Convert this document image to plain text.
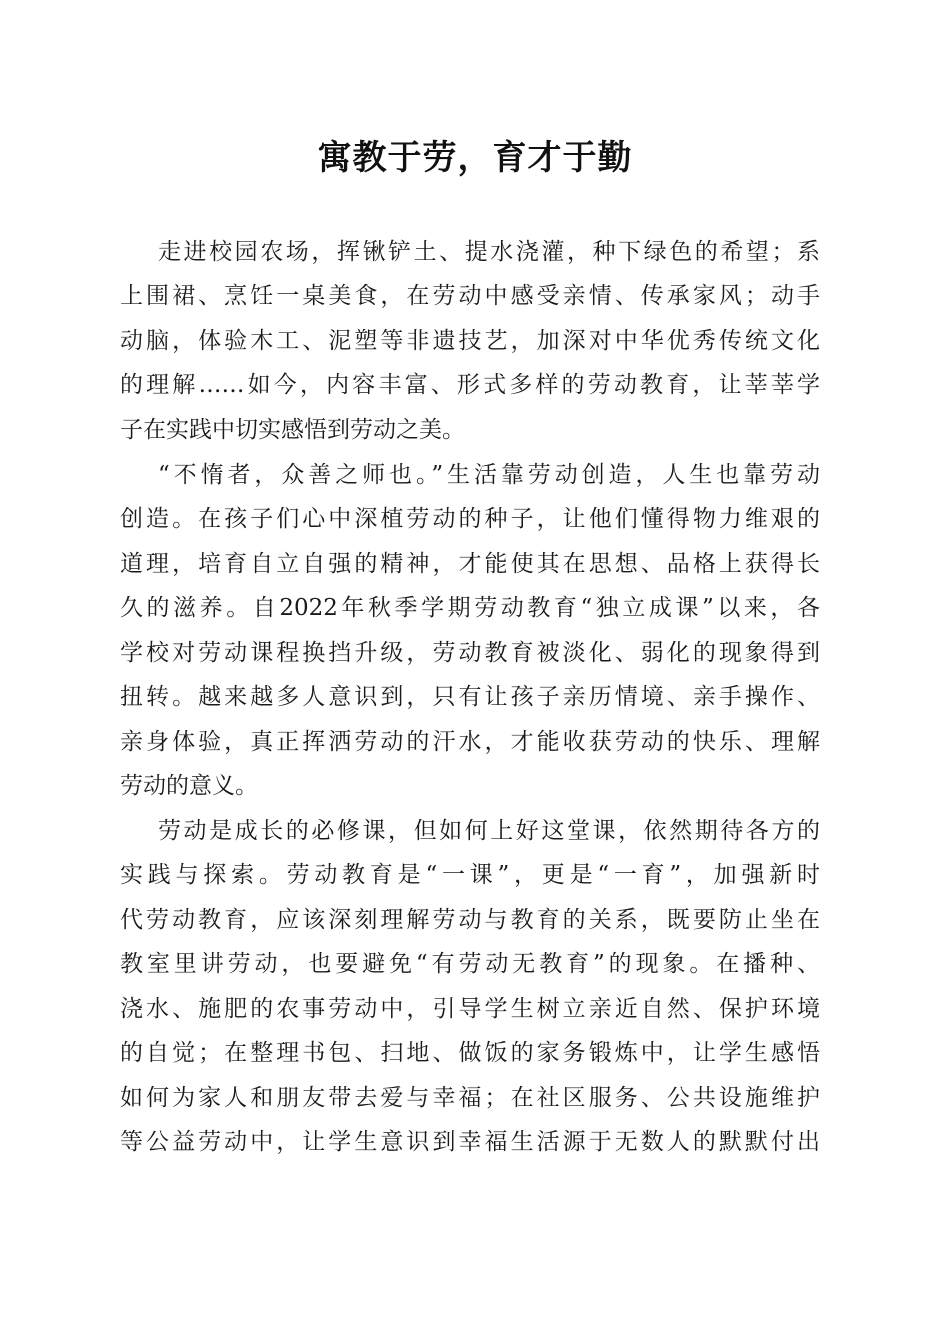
寓教于劳，育才于勤
走进校园农场，挥锹铲土、提水浇灌，种下绿色的希望；系
上围裙、烹饪一桌美食，在劳动中感受亲情、传承家风；动手
动脑，体验木工、泥塑等非遗技艺，加深对中华优秀传统文化
的理解……如今，内容丰富、形式多样的劳动教育，让莘莘学
子在实践中切实感悟到劳动之美。
“不惰者，众善之师也。”生活靠劳动创造，人生也靠劳动
创造。在孩子们心中深植劳动的种子，让他们懂得物力维艰的
道理，培育自立自强的精神，才能使其在思想、品格上获得长
久的滋养。自2022年秋季学期劳动教育“独立成课”以来，各
学校对劳动课程换挡升级，劳动教育被淡化、弱化的现象得到
扭转。越来越多人意识到，只有让孩子亲历情境、亲手操作、
亲身体验，真正挥洒劳动的汗水，才能收获劳动的快乐、理解
劳动的意义。
劳动是成长的必修课，但如何上好这堂课，依然期待各方的
实践与探索。劳动教育是“一课”，更是“一育”，加强新时
代劳动教育，应该深刻理解劳动与教育的关系，既要防止坐在
教室里讲劳动，也要避免“有劳动无教育”的现象。在播种、
浇水、施肥的农事劳动中，引导学生树立亲近自然、保护环境
的自觉；在整理书包、扫地、做饭的家务锻炼中，让学生感悟
如何为家人和朋友带去爱与幸福；在社区服务、公共设施维护
等公益劳动中，让学生意识到幸福生活源于无数人的默默付出
